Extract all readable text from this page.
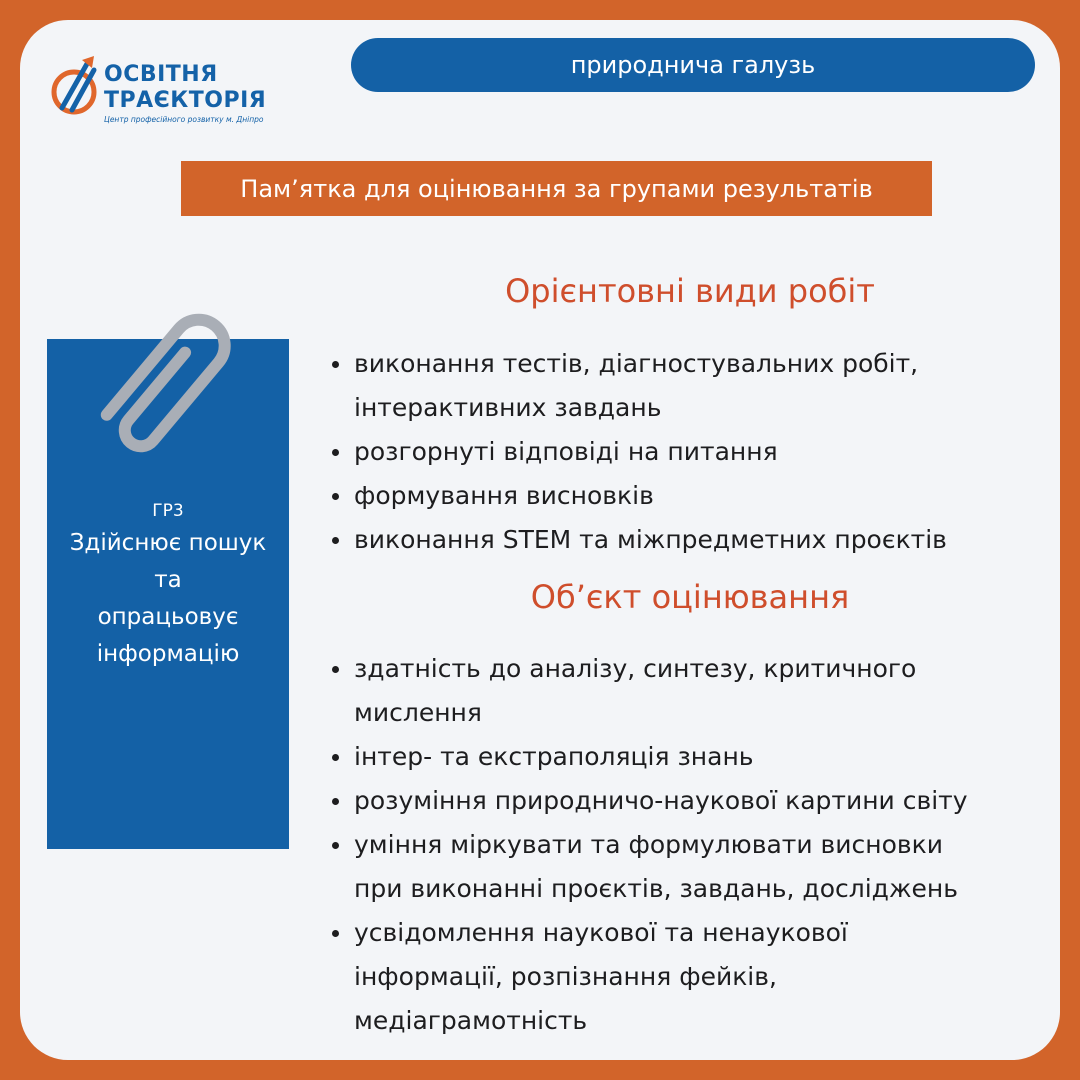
ОСВІТНЯ
ТРАЄКТОРІЯ
Центр професійного розвитку м. Дніпро
природнича галузь
Пам’ятка для оцінювання за групами результатів
ГР3
Здійснює пошук
та
опрацьовує
інформацію
Орієнтовні види робіт
виконання тестів, діагностувальних робіт,
інтерактивних завдань
розгорнуті відповіді на питання
формування висновків
виконання STEM та міжпредметних проєктів
Об’єкт оцінювання
здатність до аналізу, синтезу, критичного
мислення
інтер- та екстраполяція знань
розуміння природничо-наукової картини світу
уміння міркувати та формулювати висновки
при виконанні проєктів, завдань, досліджень
усвідомлення наукової та ненаукової
інформації, розпізнання фейків,
медіаграмотність
